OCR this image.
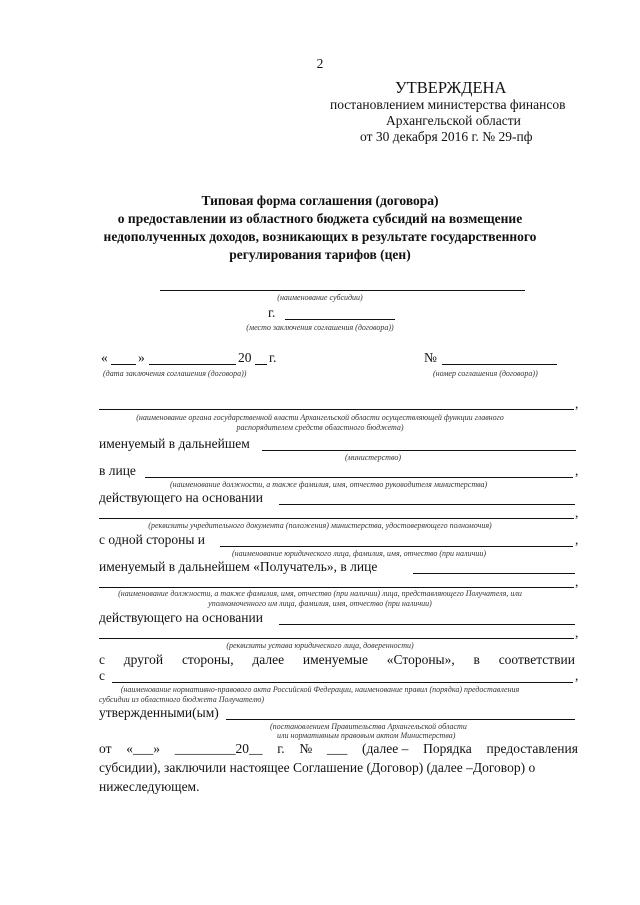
2
УТВЕРЖДЕНА
постановлением министерства финансов
Архангельской области
от 30 декабря 2016 г. № 29-пф
Типовая форма соглашения (договора)
о предоставлении из областного бюджета субсидий на возмещение
недополученных доходов, возникающих в результате государственного
регулирования тарифов (цен)
(наименование субсидии)
г.
(место заключения соглашения (договора))
« »	20 г.	№
(дата заключения соглашения (договора))	(номер соглашения (договора))
,
(наименование органа государственной власти Архангельской области осуществляющей функции главного
распорядителем средств областного бюджета)
именуемый в дальнейшем
(министерство)
в лице	,
(наименование должности, а также фамилия, имя, отчество руководителя министерства)
действующего на основании
,
(реквизиты учредительного документа (положения) министерства, удостоверяющего полномочия)
с одной стороны и	,
(наименование юридического лица, фамилия, имя, отчество (при наличии)
именуемый в дальнейшем «Получатель», в лице
,
(наименование должности, а также фамилия, имя, отчество (при наличии) лица, представляющего Получателя, или
уполномоченного им лица, фамилия, имя, отчество (при наличии)
действующего на основании
,
(реквизиты устава юридического лица, доверенности)
с другой стороны, далее именуемые «Стороны», в соответствии
с	,
(наименование нормативно-правового акта Российской Федерации, наименование правил (порядка) предоставления
субсидии из областного бюджета Получателю)
утвержденными(ым)
(постановлением Правительства Архангельской области
или нормативным правовым актом Министерства)
от «___» _________20__ г. № ___ (далее – Порядка предоставления
субсидии), заключили настоящее Соглашение (Договор) (далее –Договор) о
нижеследующем.
